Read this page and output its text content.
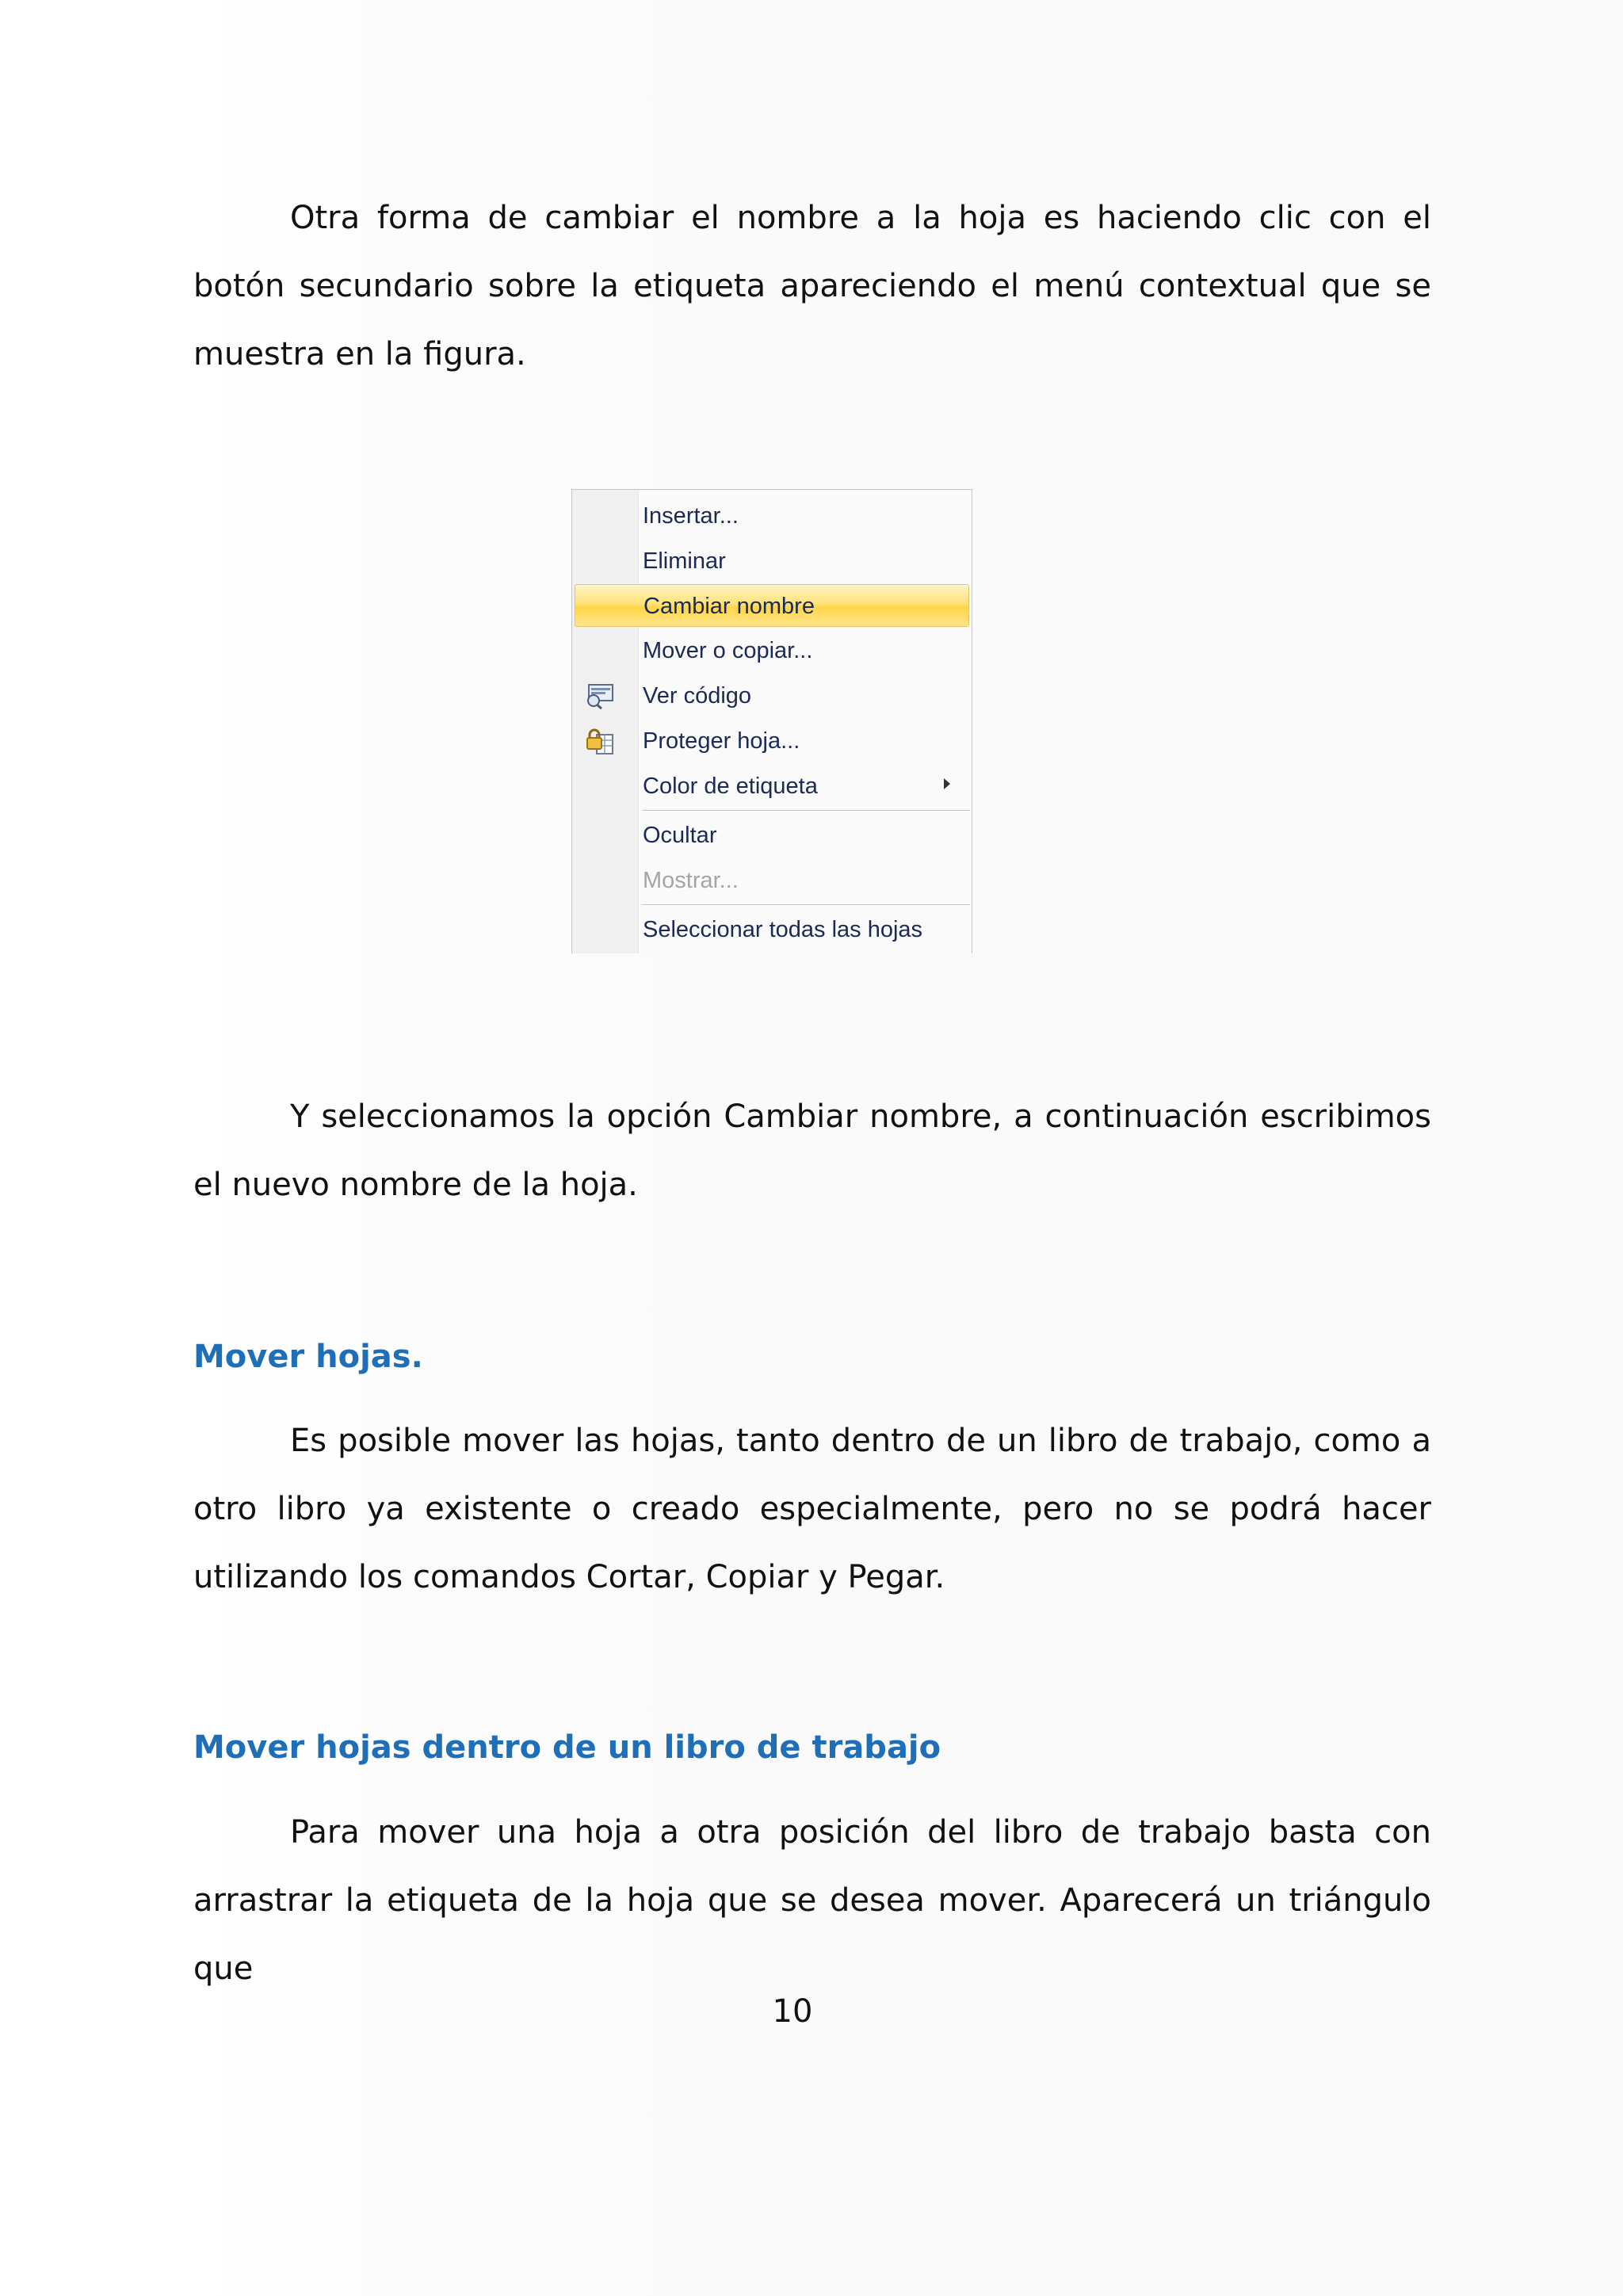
Otra forma de cambiar el nombre a la hoja es haciendo clic con el botón secundario sobre la etiqueta apareciendo el menú contextual que se muestra en la figura.

Insertar...
Eliminar
Cambiar nombre
Mover o copiar...
Ver código
Proteger hoja...
Color de etiqueta
Ocultar
Mostrar...
Seleccionar todas las hojas

Y seleccionamos la opción Cambiar nombre, a continuación escribimos el nuevo nombre de la hoja.

Mover hojas.

Es posible mover las hojas, tanto dentro de un libro de trabajo, como a otro libro ya existente o creado especialmente, pero no se podrá hacer utilizando los comandos Cortar, Copiar y Pegar.

Mover hojas dentro de un libro de trabajo

Para mover una hoja a otra posición del libro de trabajo basta con arrastrar la etiqueta de la hoja que se desea mover. Aparecerá un triángulo que

10
